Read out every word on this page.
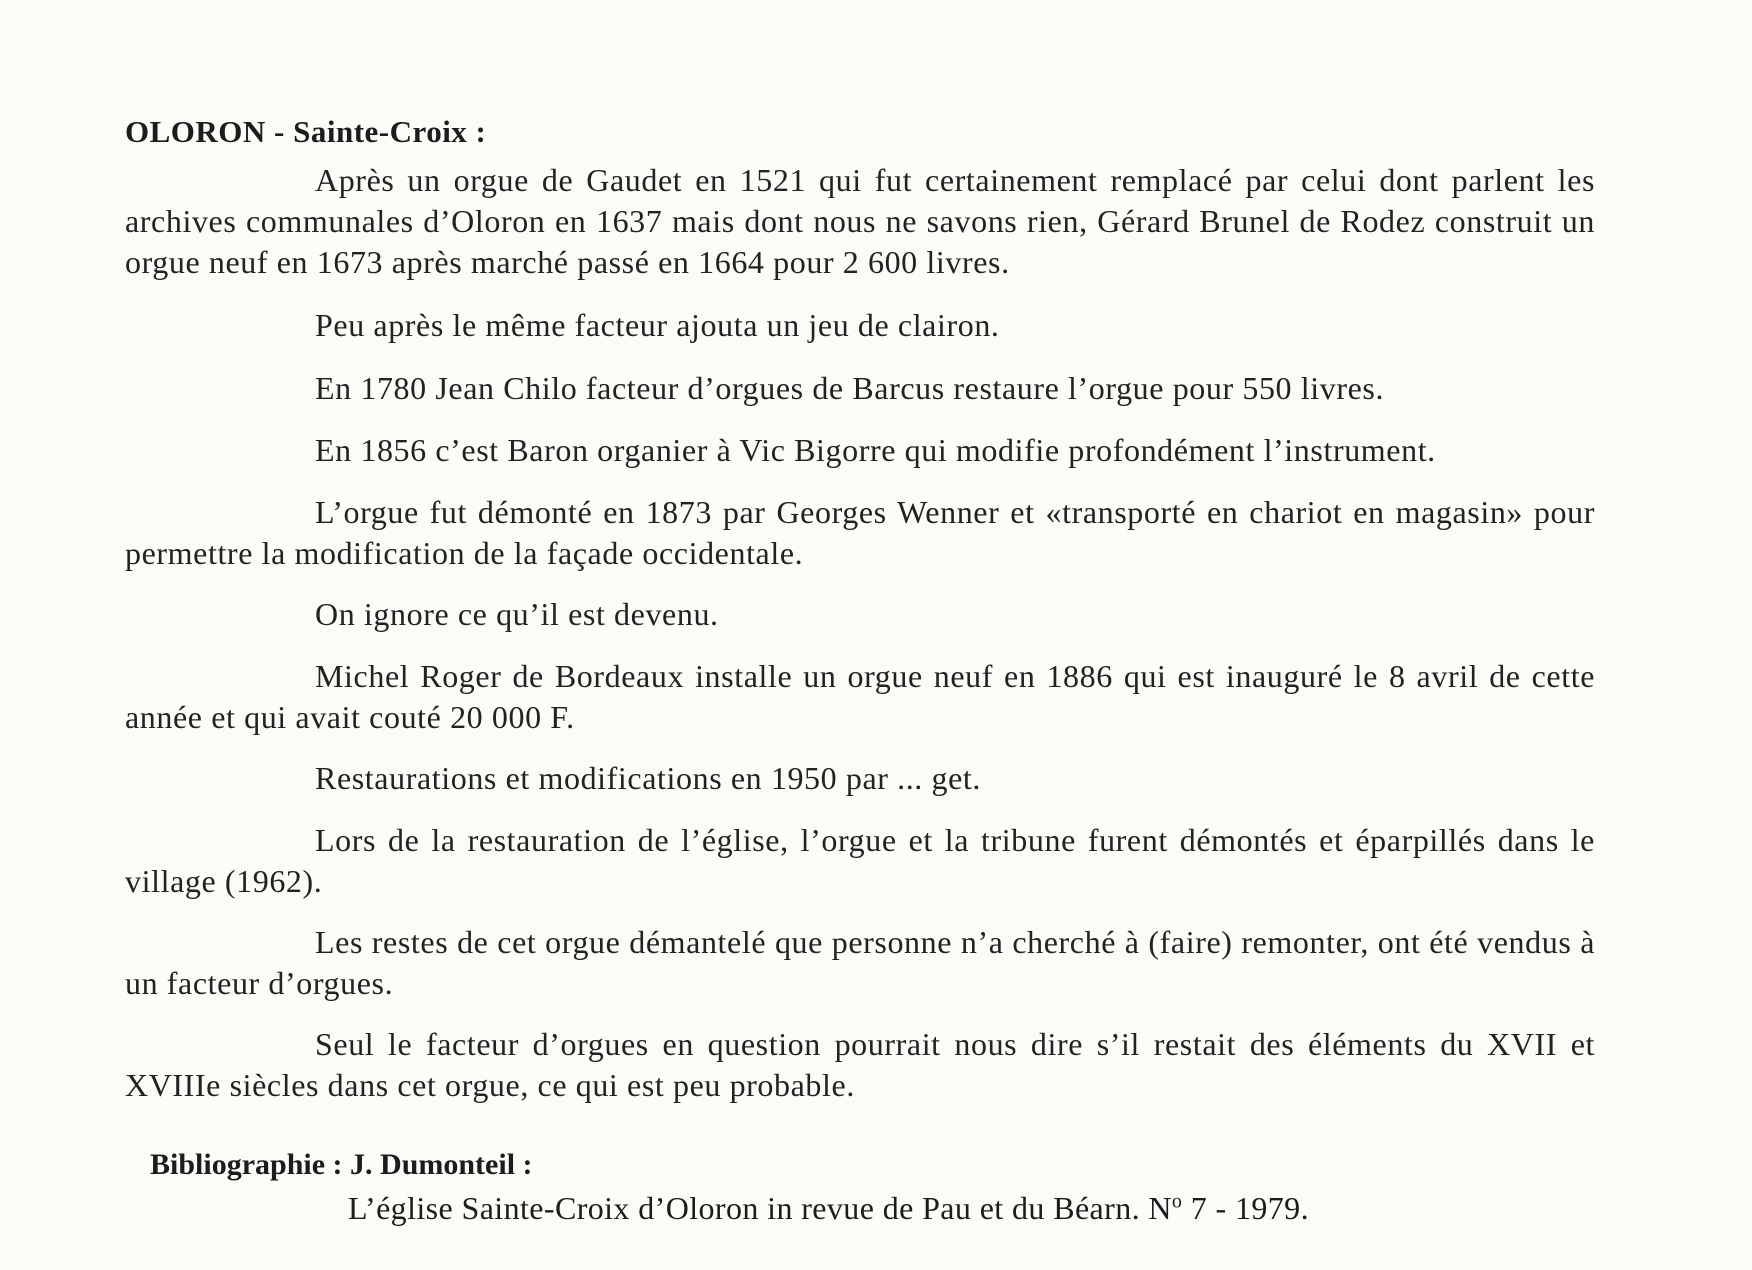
OLORON - Sainte-Croix :
Après un orgue de Gaudet en 1521 qui fut certainement remplacé par celui dont parlent les archives communales d’Oloron en 1637 mais dont nous ne savons rien, Gérard Brunel de Rodez construit un orgue neuf en 1673 après marché passé en 1664 pour 2 600 livres.
Peu après le même facteur ajouta un jeu de clairon.
En 1780 Jean Chilo facteur d’orgues de Barcus restaure l’orgue pour 550 livres.
En 1856 c’est Baron organier à Vic Bigorre qui modifie profondément l’instrument.
L’orgue fut démonté en 1873 par Georges Wenner et «transporté en chariot en magasin» pour permettre la modification de la façade occidentale.
On ignore ce qu’il est devenu.
Michel Roger de Bordeaux installe un orgue neuf en 1886 qui est inauguré le 8 avril de cette année et qui avait couté 20 000 F.
Restaurations et modifications en 1950 par ... get.
Lors de la restauration de l’église, l’orgue et la tribune furent démontés et éparpillés dans le village (1962).
Les restes de cet orgue démantelé que personne n’a cherché à (faire) remonter, ont été vendus à un facteur d’orgues.
Seul le facteur d’orgues en question pourrait nous dire s’il restait des éléments du XVII et XVIIIe siècles dans cet orgue, ce qui est peu probable.
Bibliographie : J. Dumonteil :
L’église Sainte-Croix d’Oloron in revue de Pau et du Béarn. $N^o$ 7 - 1979.
